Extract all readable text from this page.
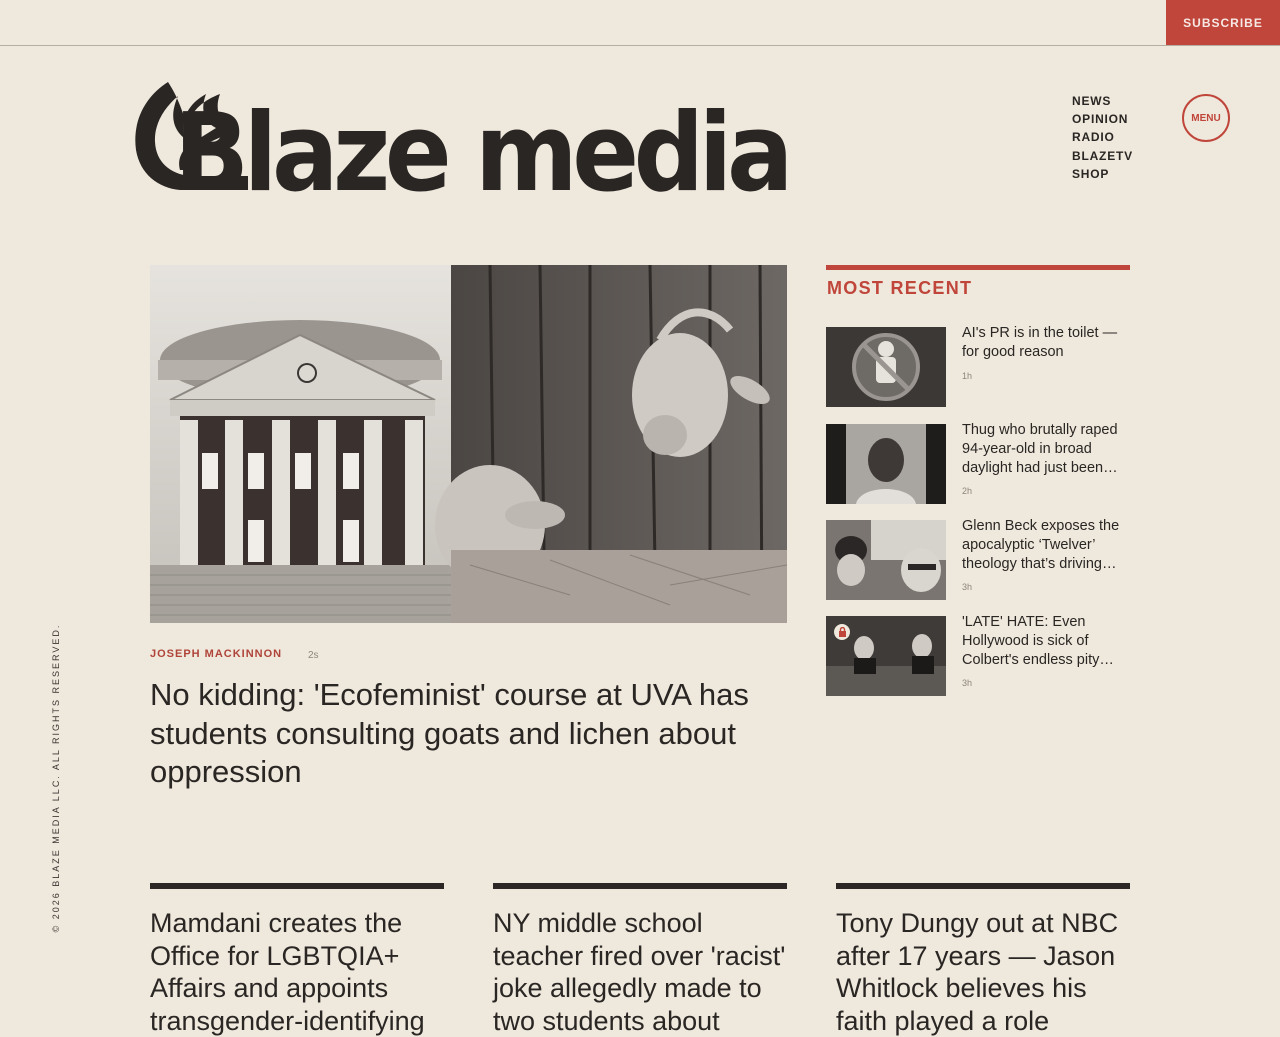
SUBSCRIBE
Blaze media	NEWS
OPINION
RADIO
BLAZETV
SHOP
MENU
© 2026 BLAZE MEDIA LLC. ALL RIGHTS RESERVED.	JOSEPH MACKINNON	2s
No kidding: 'Ecofeminist' course at UVA has students consulting goats and lichen about oppression
MOST RECENT
AI's PR is in the toilet — for good reason
1h
Thug who brutally raped 94-year-old in broad daylight had just been…
2h
Glenn Beck exposes the apocalyptic ‘Twelver’ theology that’s driving…
3h
'LATE' HATE: Even Hollywood is sick of Colbert's endless pity…
3h
Mamdani creates the Office for LGBTQIA+ Affairs and appoints transgender-identifying
NY middle school teacher fired over 'racist' joke allegedly made to two students about
Tony Dungy out at NBC after 17 years — Jason Whitlock believes his faith played a role
